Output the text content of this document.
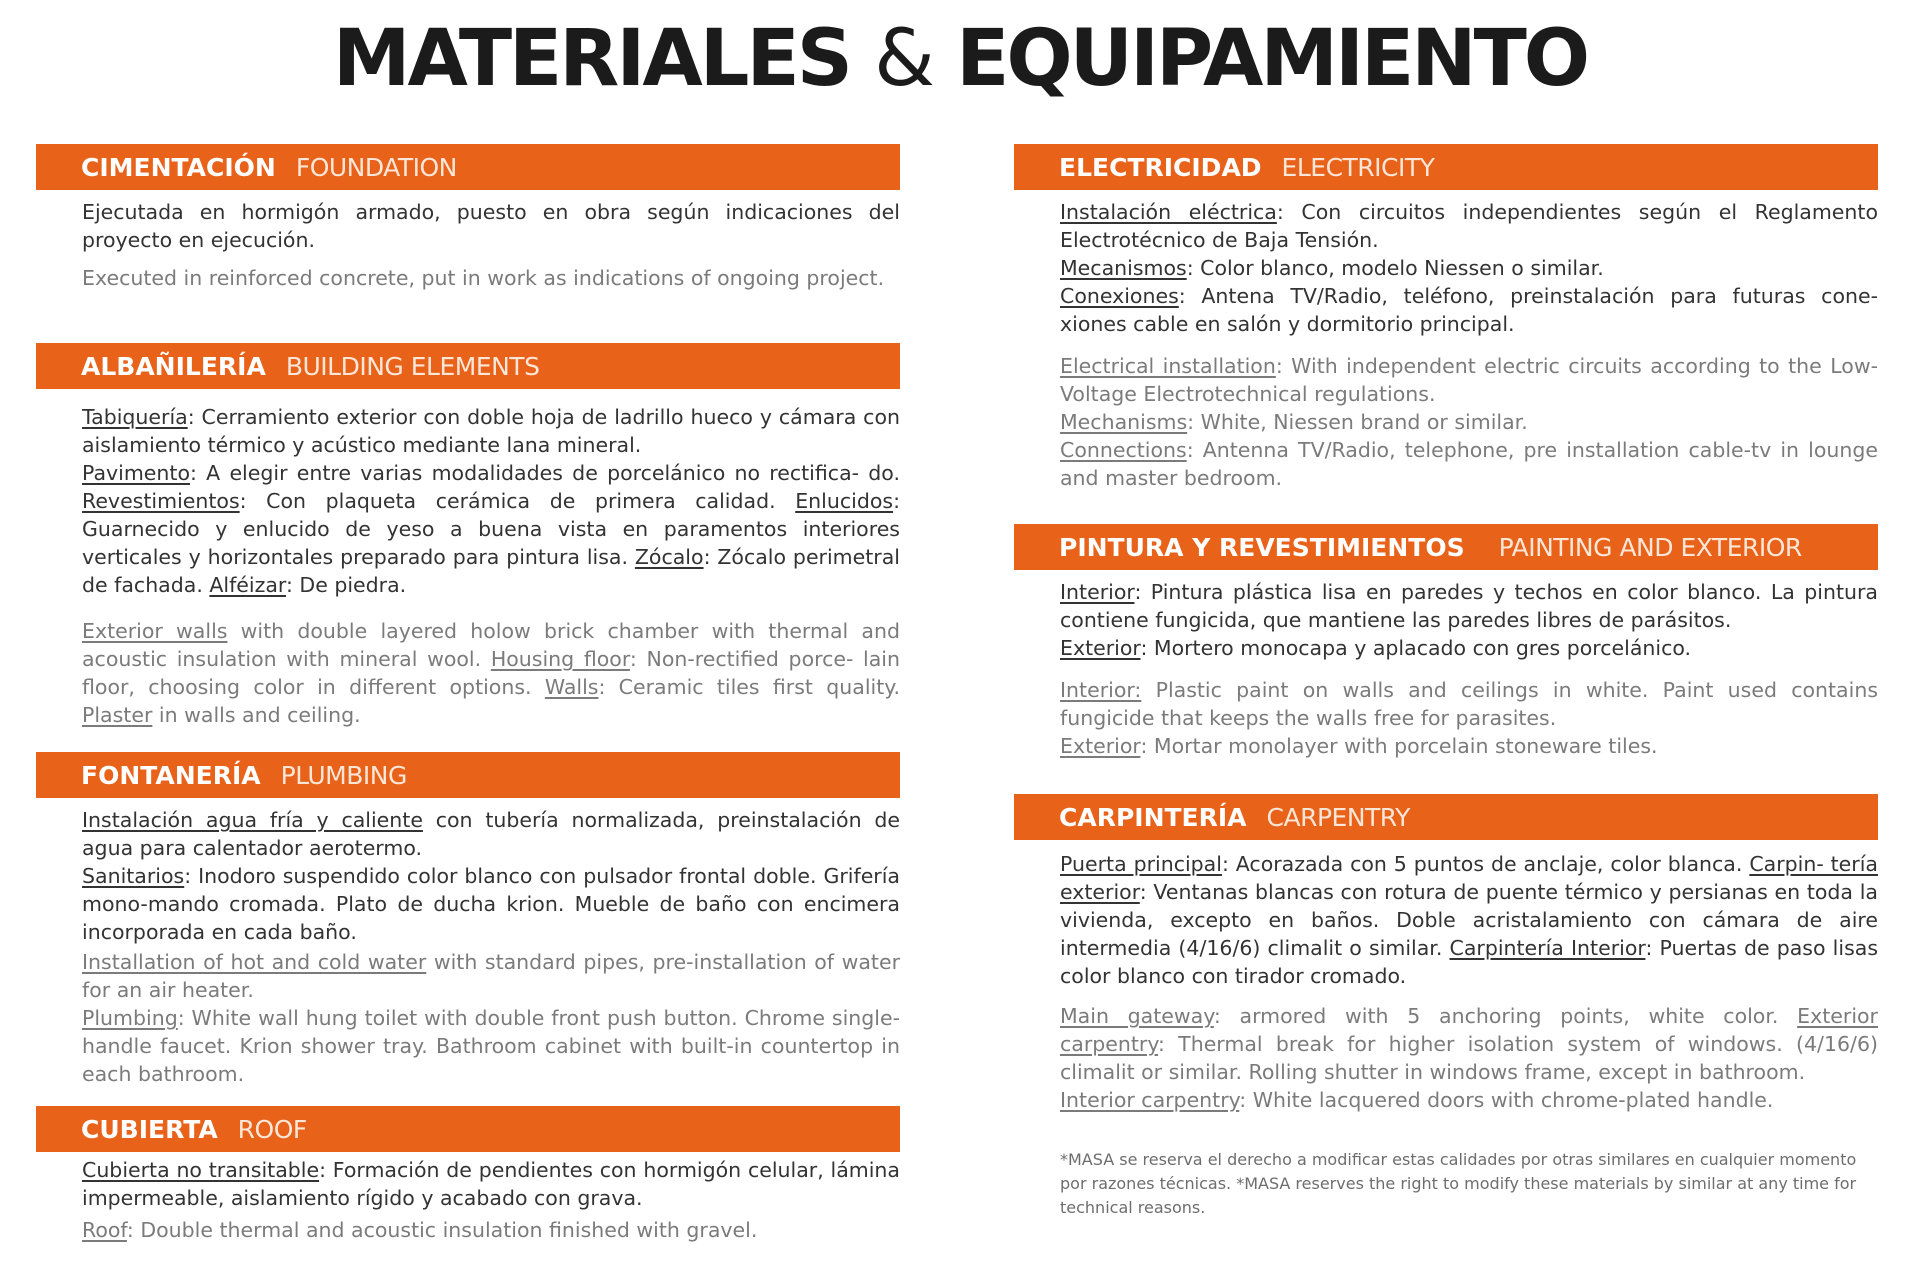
MATERIALES & EQUIPAMIENTO
CIMENTACIÓN FOUNDATION

Ejecutada en hormigón armado, puesto en obra según indicaciones del proyecto en ejecución.

Executed in reinforced concrete, put in work as indications of ongoing project.

ALBAÑILERÍA BUILDING ELEMENTS

Tabiquería: Cerramiento exterior con doble hoja de ladrillo hueco y cámara con aislamiento térmico y acústico mediante lana mineral.
Pavimento: A elegir entre varias modalidades de porcelánico no rectifica- do. Revestimientos: Con plaqueta cerámica de primera calidad. Enlucidos: Guarnecido y enlucido de yeso a buena vista en paramentos interiores verticales y horizontales preparado para pintura lisa. Zócalo: Zócalo perimetral de fachada. Alféizar: De piedra.

Exterior walls with double layered holow brick chamber with thermal and acoustic insulation with mineral wool. Housing floor: Non-rectified porce- lain floor, choosing color in different options. Walls: Ceramic tiles first quality. Plaster in walls and ceiling.

FONTANERÍA PLUMBING

Instalación agua fría y caliente con tubería normalizada, preinstalación de agua para calentador aerotermo.
Sanitarios: Inodoro suspendido color blanco con pulsador frontal doble. Grifería mono-mando cromada. Plato de ducha krion. Mueble de baño con encimera incorporada en cada baño.

Installation of hot and cold water with standard pipes, pre-installation of water for an air heater.
Plumbing: White wall hung toilet with double front push button. Chrome single-handle faucet. Krion shower tray. Bathroom cabinet with built-in countertop in each bathroom.

CUBIERTA ROOF

Cubierta no transitable: Formación de pendientes con hormigón celular, lámina impermeable, aislamiento rígido y acabado con grava.

Roof: Double thermal and acoustic insulation finished with gravel.

ELECTRICIDAD ELECTRICITY

Instalación eléctrica: Con circuitos independientes según el Reglamento Electrotécnico de Baja Tensión.
Mecanismos: Color blanco, modelo Niessen o similar.
Conexiones: Antena TV/Radio, teléfono, preinstalación para futuras cone- xiones cable en salón y dormitorio principal.

Electrical installation: With independent electric circuits according to the Low-Voltage Electrotechnical regulations.
Mechanisms: White, Niessen brand or similar.
Connections: Antenna TV/Radio, telephone, pre installation cable-tv in lounge and master bedroom.

PINTURA Y REVESTIMIENTOS PAINTING AND EXTERIOR

Interior: Pintura plástica lisa en paredes y techos en color blanco. La pintura contiene fungicida, que mantiene las paredes libres de parásitos.
Exterior: Mortero monocapa y aplacado con gres porcelánico.

Interior: Plastic paint on walls and ceilings in white. Paint used contains fungicide that keeps the walls free for parasites.
Exterior: Mortar monolayer with porcelain stoneware tiles.

CARPINTERÍA CARPENTRY

Puerta principal: Acorazada con 5 puntos de anclaje, color blanca. Carpin- tería exterior: Ventanas blancas con rotura de puente térmico y persianas en toda la vivienda, excepto en baños. Doble acristalamiento con cámara de aire intermedia (4/16/6) climalit o similar. Carpintería Interior: Puertas de paso lisas color blanco con tirador cromado.

Main gateway: armored with 5 anchoring points, white color. Exterior carpentry: Thermal break for higher isolation system of windows. (4/16/6) climalit or similar. Rolling shutter in windows frame, except in bathroom.
Interior carpentry: White lacquered doors with chrome-plated handle.

*MASA se reserva el derecho a modificar estas calidades por otras similares en cualquier momento por razones técnicas. *MASA reserves the right to modify these materials by similar at any time for technical reasons.
